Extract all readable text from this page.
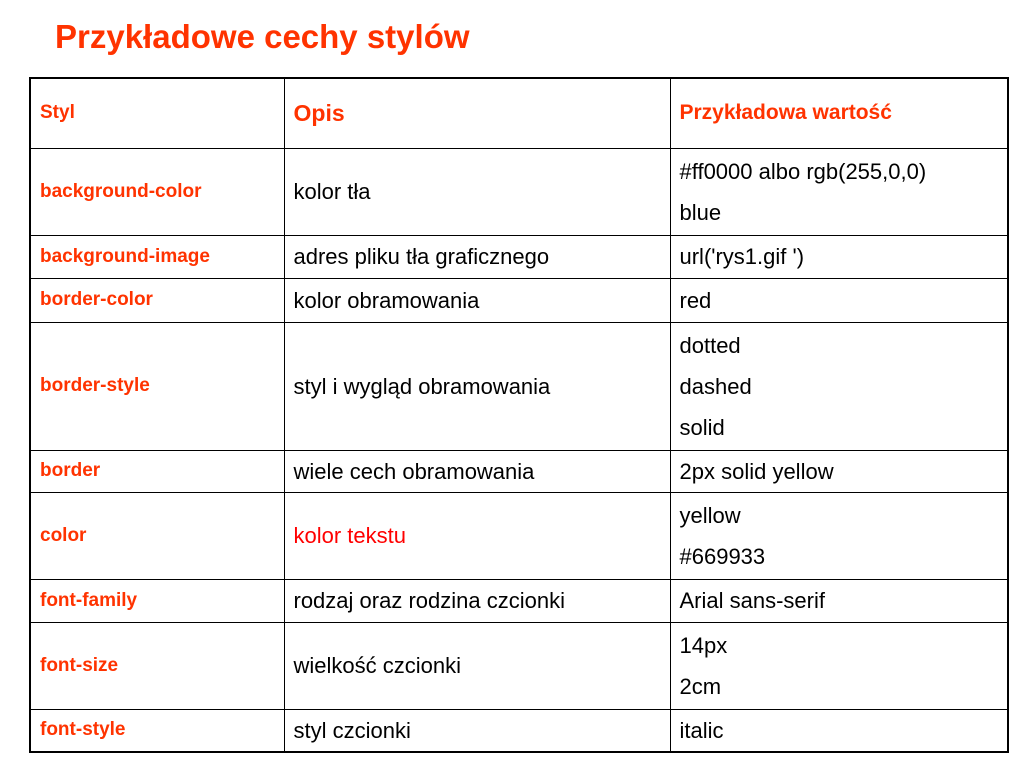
Przykładowe cechy stylów
Styl	Opis	Przykładowa wartość
background-color	kolor tła	#ff0000 albo rgb(255,0,0)
blue

background-image	adres pliku tła graficznego	url('rys1.gif ')

border-color	kolor obramowania	red

border-style	styl i wygląd obramowania	dotted
dashed
solid

border	wiele cech obramowania	2px solid yellow

color	kolor tekstu	yellow
#669933

font-family	rodzaj oraz rodzina czcionki	Arial sans-serif

font-size	wielkość czcionki	14px
2cm

font-style	styl czcionki	italic
